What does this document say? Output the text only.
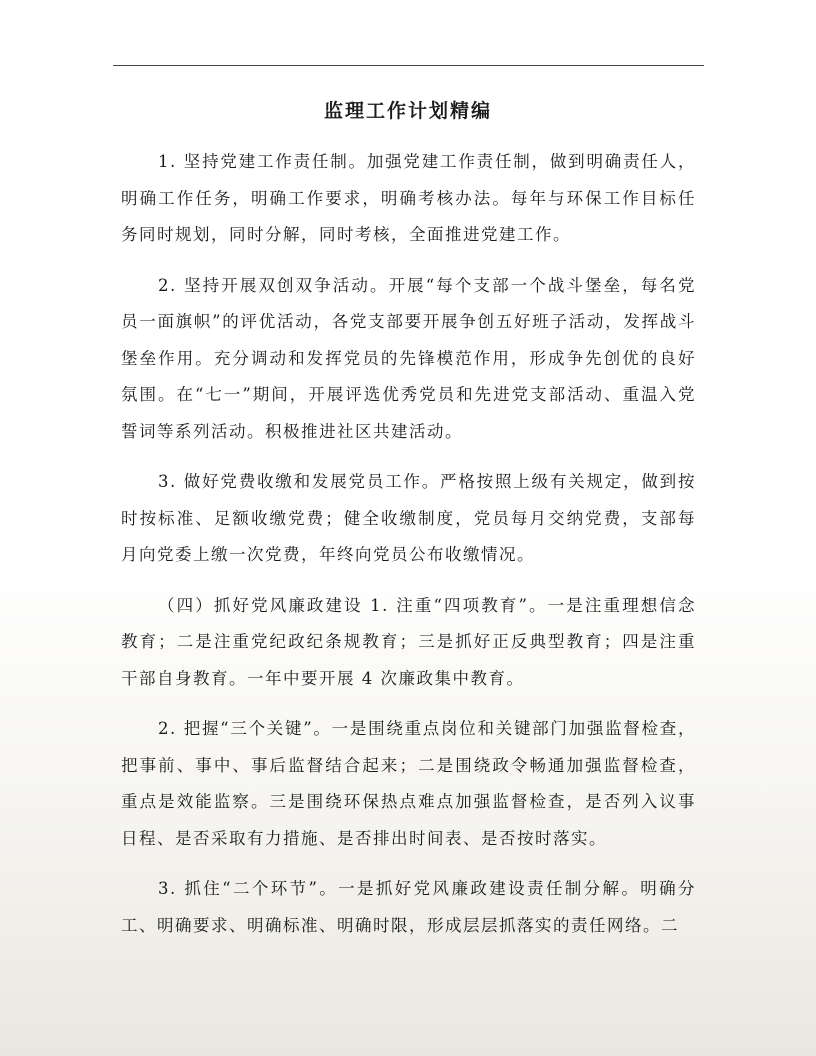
监理工作计划精编

1. 坚持党建工作责任制。加强党建工作责任制，做到明确责任人，明确工作任务，明确工作要求，明确考核办法。每年与环保工作目标任务同时规划，同时分解，同时考核，全面推进党建工作。

2. 坚持开展双创双争活动。开展“每个支部一个战斗堡垒，每名党员一面旗帜”的评优活动，各党支部要开展争创五好班子活动，发挥战斗堡垒作用。充分调动和发挥党员的先锋模范作用，形成争先创优的良好氛围。在“七一”期间，开展评选优秀党员和先进党支部活动、重温入党誓词等系列活动。积极推进社区共建活动。

3. 做好党费收缴和发展党员工作。严格按照上级有关规定，做到按时按标准、足额收缴党费；健全收缴制度，党员每月交纳党费，支部每月向党委上缴一次党费，年终向党员公布收缴情况。

（四）抓好党风廉政建设 1. 注重“四项教育”。一是注重理想信念教育；二是注重党纪政纪条规教育；三是抓好正反典型教育；四是注重干部自身教育。一年中要开展 4 次廉政集中教育。

2. 把握“三个关键”。一是围绕重点岗位和关键部门加强监督检查，把事前、事中、事后监督结合起来；二是围绕政令畅通加强监督检查，重点是效能监察。三是围绕环保热点难点加强监督检查，是否列入议事日程、是否采取有力措施、是否排出时间表、是否按时落实。

3. 抓住“二个环节”。一是抓好党风廉政建设责任制分解。明确分工、明确要求、明确标准、明确时限，形成层层抓落实的责任网络。二
